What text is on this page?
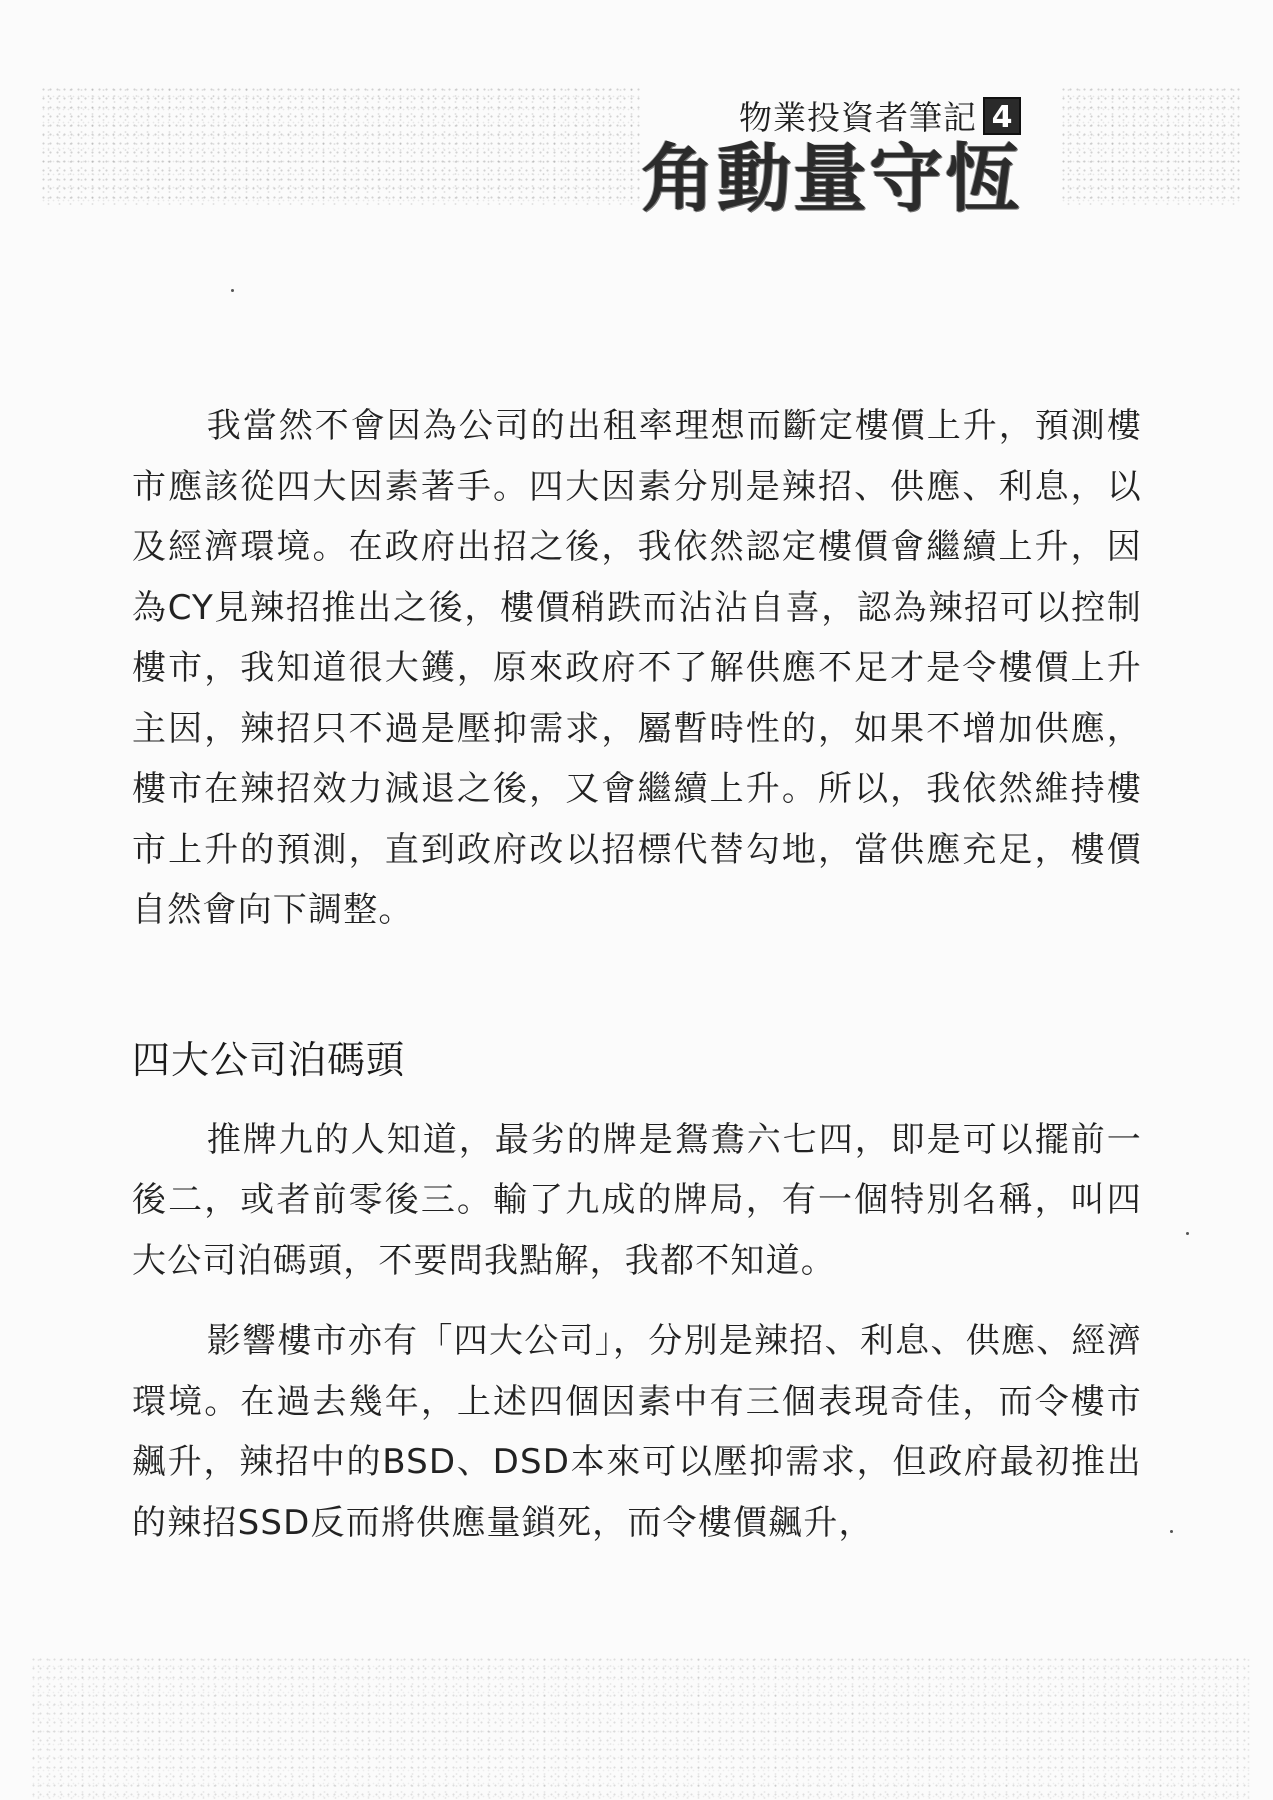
物業投資者筆記 4
角動量守恆

我當然不會因為公司的出租率理想而斷定樓價上升，預測樓市應該從四大因素著手。四大因素分別是辣招、供應、利息，以及經濟環境。在政府出招之後，我依然認定樓價會繼續上升，因為CY見辣招推出之後，樓價稍跌而沾沾自喜，認為辣招可以控制樓市，我知道很大鑊，原來政府不了解供應不足才是令樓價上升主因，辣招只不過是壓抑需求，屬暫時性的，如果不增加供應，樓市在辣招效力減退之後，又會繼續上升。所以，我依然維持樓市上升的預測，直到政府改以招標代替勾地，當供應充足，樓價自然會向下調整。

四大公司泊碼頭

推牌九的人知道，最劣的牌是鴛鴦六七四，即是可以擺前一後二，或者前零後三。輸了九成的牌局，有一個特別名稱，叫四大公司泊碼頭，不要問我點解，我都不知道。

影響樓市亦有「四大公司」，分別是辣招、利息、供應、經濟環境。在過去幾年，上述四個因素中有三個表現奇佳，而令樓市飆升，辣招中的BSD、DSD本來可以壓抑需求，但政府最初推出的辣招SSD反而將供應量鎖死，而令樓價飆升，
